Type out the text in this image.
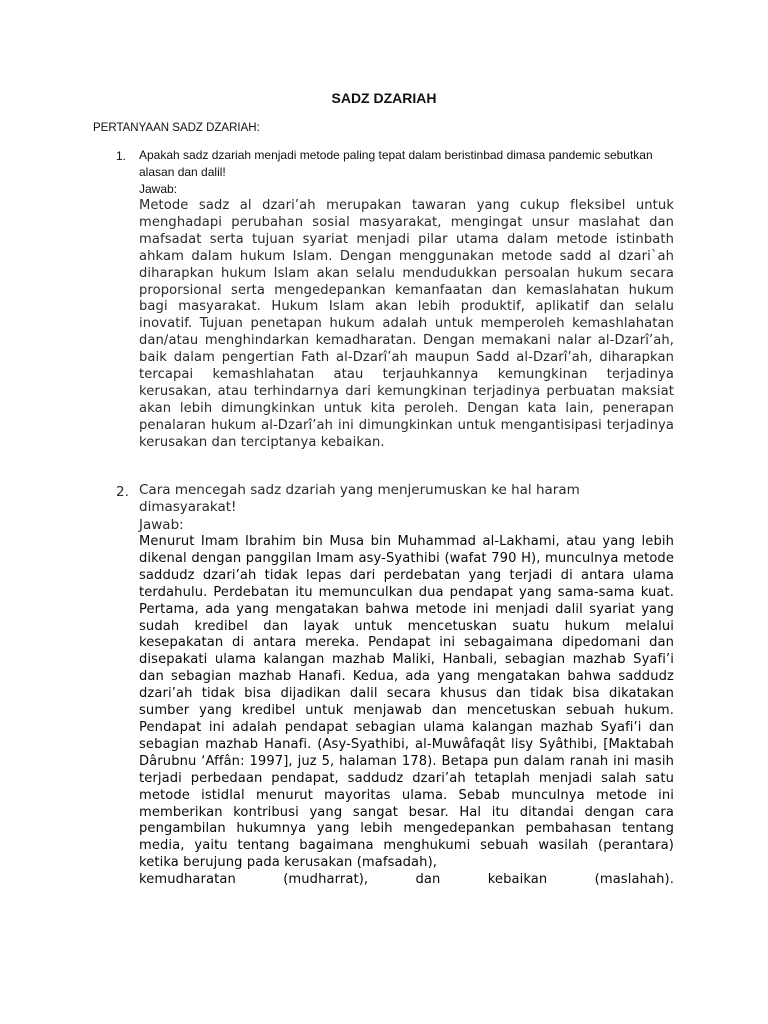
SADZ DZARIAH
PERTANYAAN SADZ DZARIAH:
1. Apakah sadz dzariah menjadi metode paling tepat dalam beristinbad dimasa pandemic sebutkan alasan dan dalil!
Jawab:
Metode sadz al dzari’ah merupakan tawaran yang cukup fleksibel untuk menghadapi perubahan sosial masyarakat, mengingat unsur maslahat dan mafsadat serta tujuan syariat menjadi pilar utama dalam metode istinbath ahkam dalam hukum Islam. Dengan menggunakan metode sadd al dzari`ah diharapkan hukum Islam akan selalu mendudukkan persoalan hukum secara proporsional serta mengedepankan kemanfaatan dan kemaslahatan hukum bagi masyarakat. Hukum Islam akan lebih produktif, aplikatif dan selalu inovatif. Tujuan penetapan hukum adalah untuk memperoleh kemashlahatan dan/atau menghindarkan kemadharatan. Dengan memakani nalar al-Dzarî’ah, baik dalam pengertian Fath al-Dzarî’ah maupun Sadd al-Dzarî’ah, diharapkan tercapai kemashlahatan atau terjauhkannya kemungkinan terjadinya kerusakan, atau terhindarnya dari kemungkinan terjadinya perbuatan maksiat akan lebih dimungkinkan untuk kita peroleh. Dengan kata lain, penerapan penalaran hukum al-Dzarî’ah ini dimungkinkan untuk mengantisipasi terjadinya kerusakan dan terciptanya kebaikan.
2. Cara mencegah sadz dzariah yang menjerumuskan ke hal haram dimasyarakat!
Jawab:
Menurut Imam Ibrahim bin Musa bin Muhammad al-Lakhami, atau yang lebih dikenal dengan panggilan Imam asy-Syathibi (wafat 790 H), munculnya metode saddudz dzari’ah tidak lepas dari perdebatan yang terjadi di antara ulama terdahulu. Perdebatan itu memunculkan dua pendapat yang sama-sama kuat. Pertama, ada yang mengatakan bahwa metode ini menjadi dalil syariat yang sudah kredibel dan layak untuk mencetuskan suatu hukum melalui kesepakatan di antara mereka. Pendapat ini sebagaimana dipedomani dan disepakati ulama kalangan mazhab Maliki, Hanbali, sebagian mazhab Syafi’i dan sebagian mazhab Hanafi. Kedua, ada yang mengatakan bahwa saddudz dzari’ah tidak bisa dijadikan dalil secara khusus dan tidak bisa dikatakan sumber yang kredibel untuk menjawab dan mencetuskan sebuah hukum. Pendapat ini adalah pendapat sebagian ulama kalangan mazhab Syafi’i dan sebagian mazhab Hanafi. (Asy-Syathibi, al-Muwâfaqât lisy Syâthibi, [Maktabah Dârubnu ‘Affân: 1997], juz 5, halaman 178). Betapa pun dalam ranah ini masih terjadi perbedaan pendapat, saddudz dzari’ah tetaplah menjadi salah satu metode istidlal menurut mayoritas ulama. Sebab munculnya metode ini memberikan kontribusi yang sangat besar. Hal itu ditandai dengan cara pengambilan hukumnya yang lebih mengedepankan pembahasan tentang media, yaitu tentang bagaimana menghukumi sebuah wasilah (perantara) ketika berujung pada kerusakan (mafsadah),
kemudharatan (mudharrat), dan kebaikan (maslahah).
